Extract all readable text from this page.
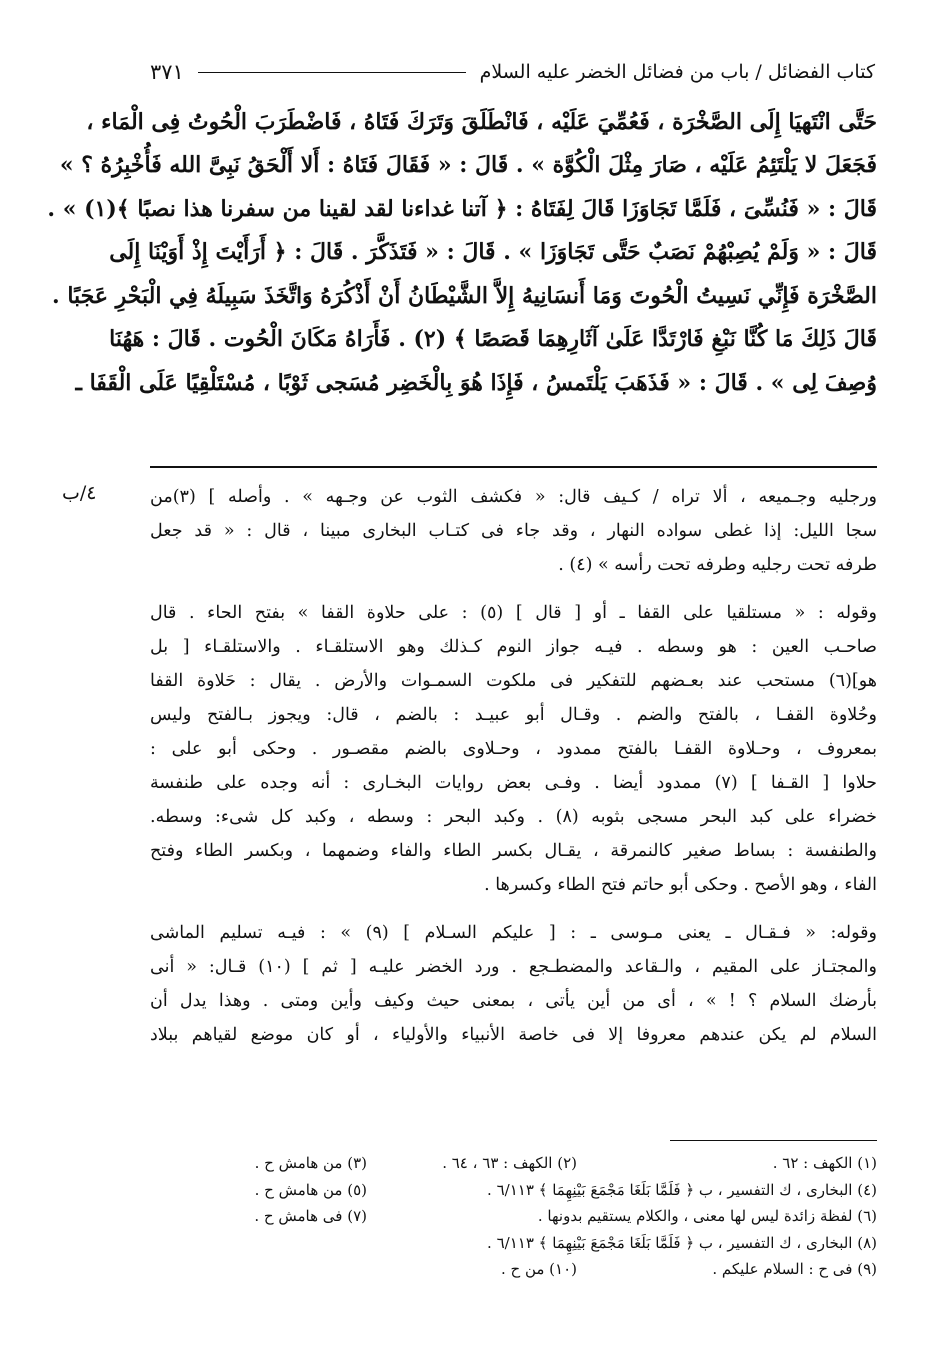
كتاب الفضائل / باب من فضائل الخضر عليه السلام
٣٧١
حَتَّى انْتَهيَا إِلَى الصَّخْرَة ، فَعُمِّيَ عَلَيْه ، فَانْطَلَقَ وَتَرَكَ فَتَاهُ ، فَاضْطَرَبَ الْحُوتُ فِى الْمَاء ،
فَجَعَلَ لا يَلْتَئِمُ عَلَيْه ، صَارَ مِثْلَ الْكُوَّة » . قَالَ : « فَقَالَ فَتَاهُ : أَلا أَلْحَقُ نَبِىَّ الله فَأُخْبِرُهُ ؟ »
قَالَ : « فَنُسِّىَ ، فَلَمَّا تَجَاوَزَا قَالَ لِفَتَاهُ : ﴿ آتنا غداءنا لقد لقينا من سفرنا هذا نصبًا ﴾(١) » .
قَالَ : « وَلَمْ يُصِبْهُمْ نَصَبٌ حَتَّى تَجَاوَزَا » . قَالَ : « فَتَذَكَّرَ . قَالَ : ﴿ أَرَأَيْتَ إِذْ أَوَيْنَا إِلَى
الصَّخْرَة فَإِنِّي نَسِيتُ الْحُوتَ وَمَا أَنسَانِيهُ إِلاَّ الشَّيْطَانُ أَنْ أَذْكُرَهُ وَاتَّخَذَ سَبِيلَهُ فِي الْبَحْرِ عَجَبًا .
قَالَ ذَلِكَ مَا كُنَّا نَبْغِ فَارْتَدَّا عَلَىٰ آثَارِهِمَا قَصَصًا ﴾ (٢) . فَأَرَاهُ مَكَانَ الْحُوت . قَالَ : هَهُنَا
وُصِفَ لِى » . قَالَ : « فَذَهَبَ يَلْتَمسُ ، فَإِذَا هُوَ بِالْخَضِر مُسَجى ثَوْبًا ، مُسْتَلْقِيًا عَلَى الْقَفَا ـ
٤/ب	ورجليه وجـميعه ، ألا تراه / كـيف قال: « فكشف الثوب عن وجـهه » . وأصله ] (٣)من
سجا الليل: إذا غطى سواده النهار ، وقد جاء فى كتـاب البخارى مبينا ، قال : « قد جعل
طرفه تحت رجليه وطرفه تحت رأسه » (٤) .
وقوله : « مستلقيا على القفا ـ أو [ قال ] (٥) : على حلاوة القفا » بفتح الحاء . قال
صاحـب العين : هو وسطه . فيـه جواز النوم كـذلك وهو الاستلقـاء . والاستلقـاء [ بل
هو](٦) مستحب عند بعـضهم للتفكير فى ملكوت السمـوات والأرض . يقال : حَلاوة القفا
وحُلاوة القفـا ، بالفتح والضم . وقـال أبو عبيـد : بالضم ، قال: ويجوز بـالفتح وليس
بمعروف ، وحـلاوة القفـا بالفتح ممدود ، وحـلاوى بالضم مقصـور . وحكى أبو على :
حلاوا [ القـفا ] (٧) ممدود أيضا . وفـى بعض روايات البخـارى : أنه وجده على طنفسة
خضراء على كبد البحر مسجى بثوبه (٨) . وكبد البحر : وسطه ، وكبد كل شىء: وسطه.
والطنفسة : بساط صغير كالنمرقة ، يقـال بكسر الطاء والفاء وضمهما ، وبكسر الطاء وفتح
الفاء ، وهو الأصح . وحكى أبو حاتم فتح الطاء وكسرها .
وقوله: « فـقـال ـ يعنى مـوسى ـ : [ عليكم السـلام ] (٩) » : فيـه تسليم الماشى
والمجتـاز على المقيم ، والـقاعد والمضطـجع . ورد الخضر عليـه [ ثم ] (١٠) قـال: « أنى
بأرضك السلام ؟ ! » ، أى من أين يأتى ، بمعنى حيث وكيف وأين ومتى . وهذا يدل أن
السلام لم يكن عندهم معروفا إلا فى خاصة الأنبياء والأولياء ، أو كان موضع لقياهم ببلاد
(١) الكهف : ٦٢ .
(٢) الكهف : ٦٣ ، ٦٤ .
(٣) من هامش ح .
(٤) البخارى ، ك التفسير ، ب ﴿ فَلَمَّا بَلَغَا مَجْمَعَ بَيْنِهِمَا ﴾ ٦/١١٣ .
(٥) من هامش ح .
(٦) لفظة زائدة ليس لها معنى ، والكلام يستقيم بدونها .
(٧) فى هامش ح .
(٨) البخارى ، ك التفسير ، ب ﴿ فَلَمَّا بَلَغَا مَجْمَعَ بَيْنِهِمَا ﴾ ٦/١١٣ .
(٩) فى ح : السلام عليكم .
(١٠) من ح .
